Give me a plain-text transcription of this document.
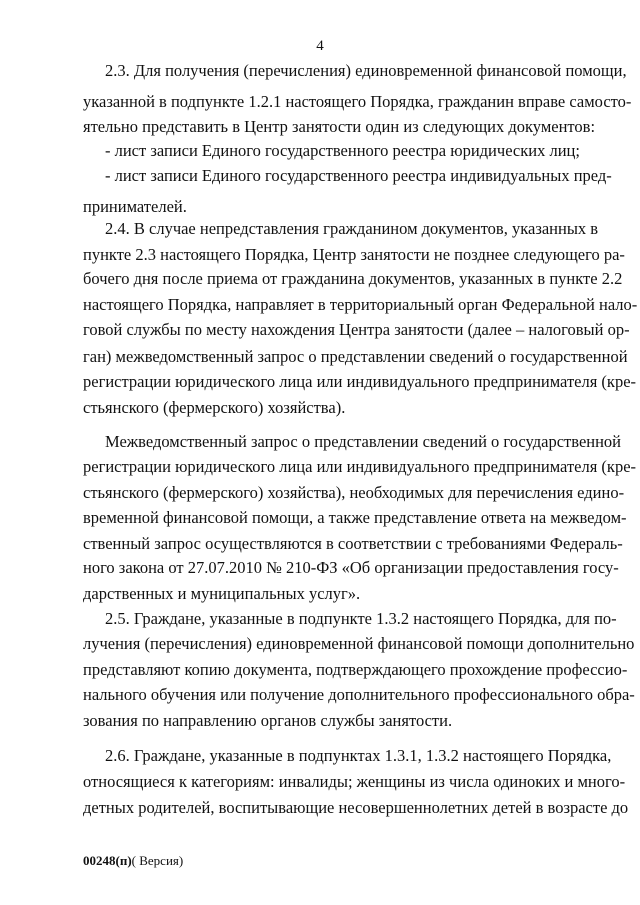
4
2.3. Для получения (перечисления) единовременной финансовой помощи,
указанной в подпункте 1.2.1 настоящего Порядка, гражданин вправе самосто-
ятельно представить в Центр занятости один из следующих документов:
- лист записи Единого государственного реестра юридических лиц;
- лист записи Единого государственного реестра индивидуальных пред-
принимателей.
2.4. В случае непредставления гражданином документов, указанных в
пункте 2.3 настоящего Порядка, Центр занятости не позднее следующего ра-
бочего дня после приема от гражданина документов, указанных в пункте 2.2
настоящего Порядка, направляет в территориальный орган Федеральной нало-
говой службы по месту нахождения Центра занятости (далее – налоговый ор-
ган) межведомственный запрос о представлении сведений о государственной
регистрации юридического лица или индивидуального предпринимателя (кре-
стьянского (фермерского) хозяйства).
Межведомственный запрос о представлении сведений о государственной
регистрации юридического лица или индивидуального предпринимателя (кре-
стьянского (фермерского) хозяйства), необходимых для перечисления едино-
временной финансовой помощи, а также представление ответа на межведом-
ственный запрос осуществляются в соответствии с требованиями Федераль-
ного закона от 27.07.2010 № 210-ФЗ «Об организации предоставления госу-
дарственных и муниципальных услуг».
2.5. Граждане, указанные в подпункте 1.3.2 настоящего Порядка, для по-
лучения (перечисления) единовременной финансовой помощи дополнительно
представляют копию документа, подтверждающего прохождение профессио-
нального обучения или получение дополнительного профессионального обра-
зования по направлению органов службы занятости.
2.6. Граждане, указанные в подпунктах 1.3.1, 1.3.2 настоящего Порядка,
относящиеся к категориям: инвалиды; женщины из числа одиноких и много-
детных родителей, воспитывающие несовершеннолетних детей в возрасте до
00248(п)( Версия)
